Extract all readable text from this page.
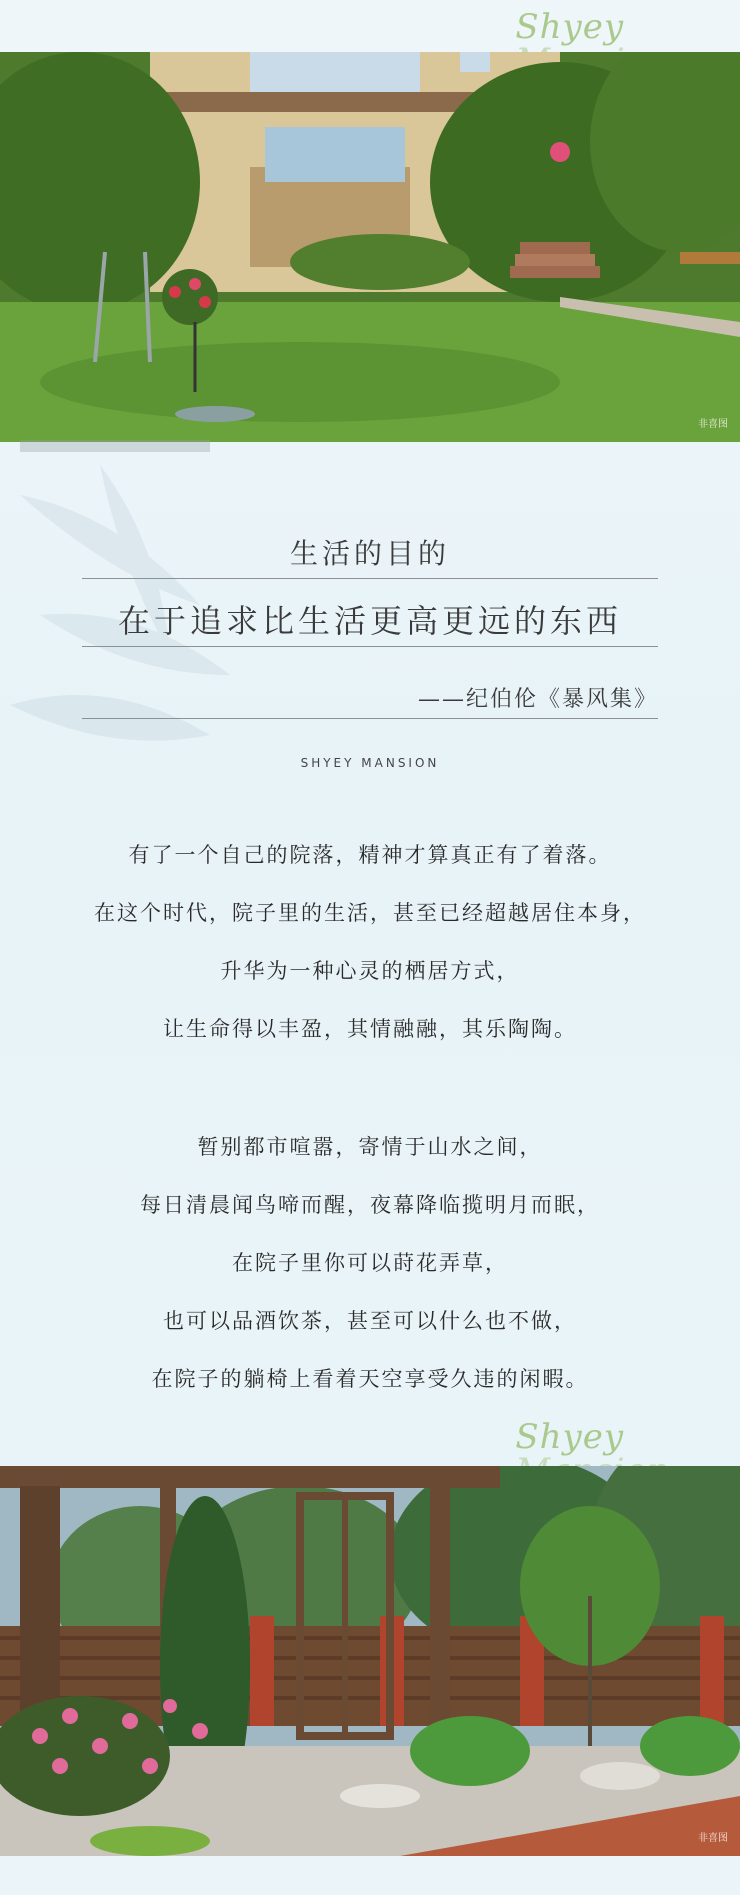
Shyey
非喜图
生活的目的
在于追求比生活更高更远的东西
——纪伯伦《暴风集》
SHYEY MANSION
有了一个自己的院落，精神才算真正有了着落。
在这个时代，院子里的生活，甚至已经超越居住本身，
升华为一种心灵的栖居方式，
让生命得以丰盈，其情融融，其乐陶陶。
暂别都市喧嚣，寄情于山水之间，
每日清晨闻鸟啼而醒，夜幕降临揽明月而眠，
在院子里你可以莳花弄草，
也可以品酒饮茶，甚至可以什么也不做，
在院子的躺椅上看着天空享受久违的闲暇。
Shyey
非喜图
